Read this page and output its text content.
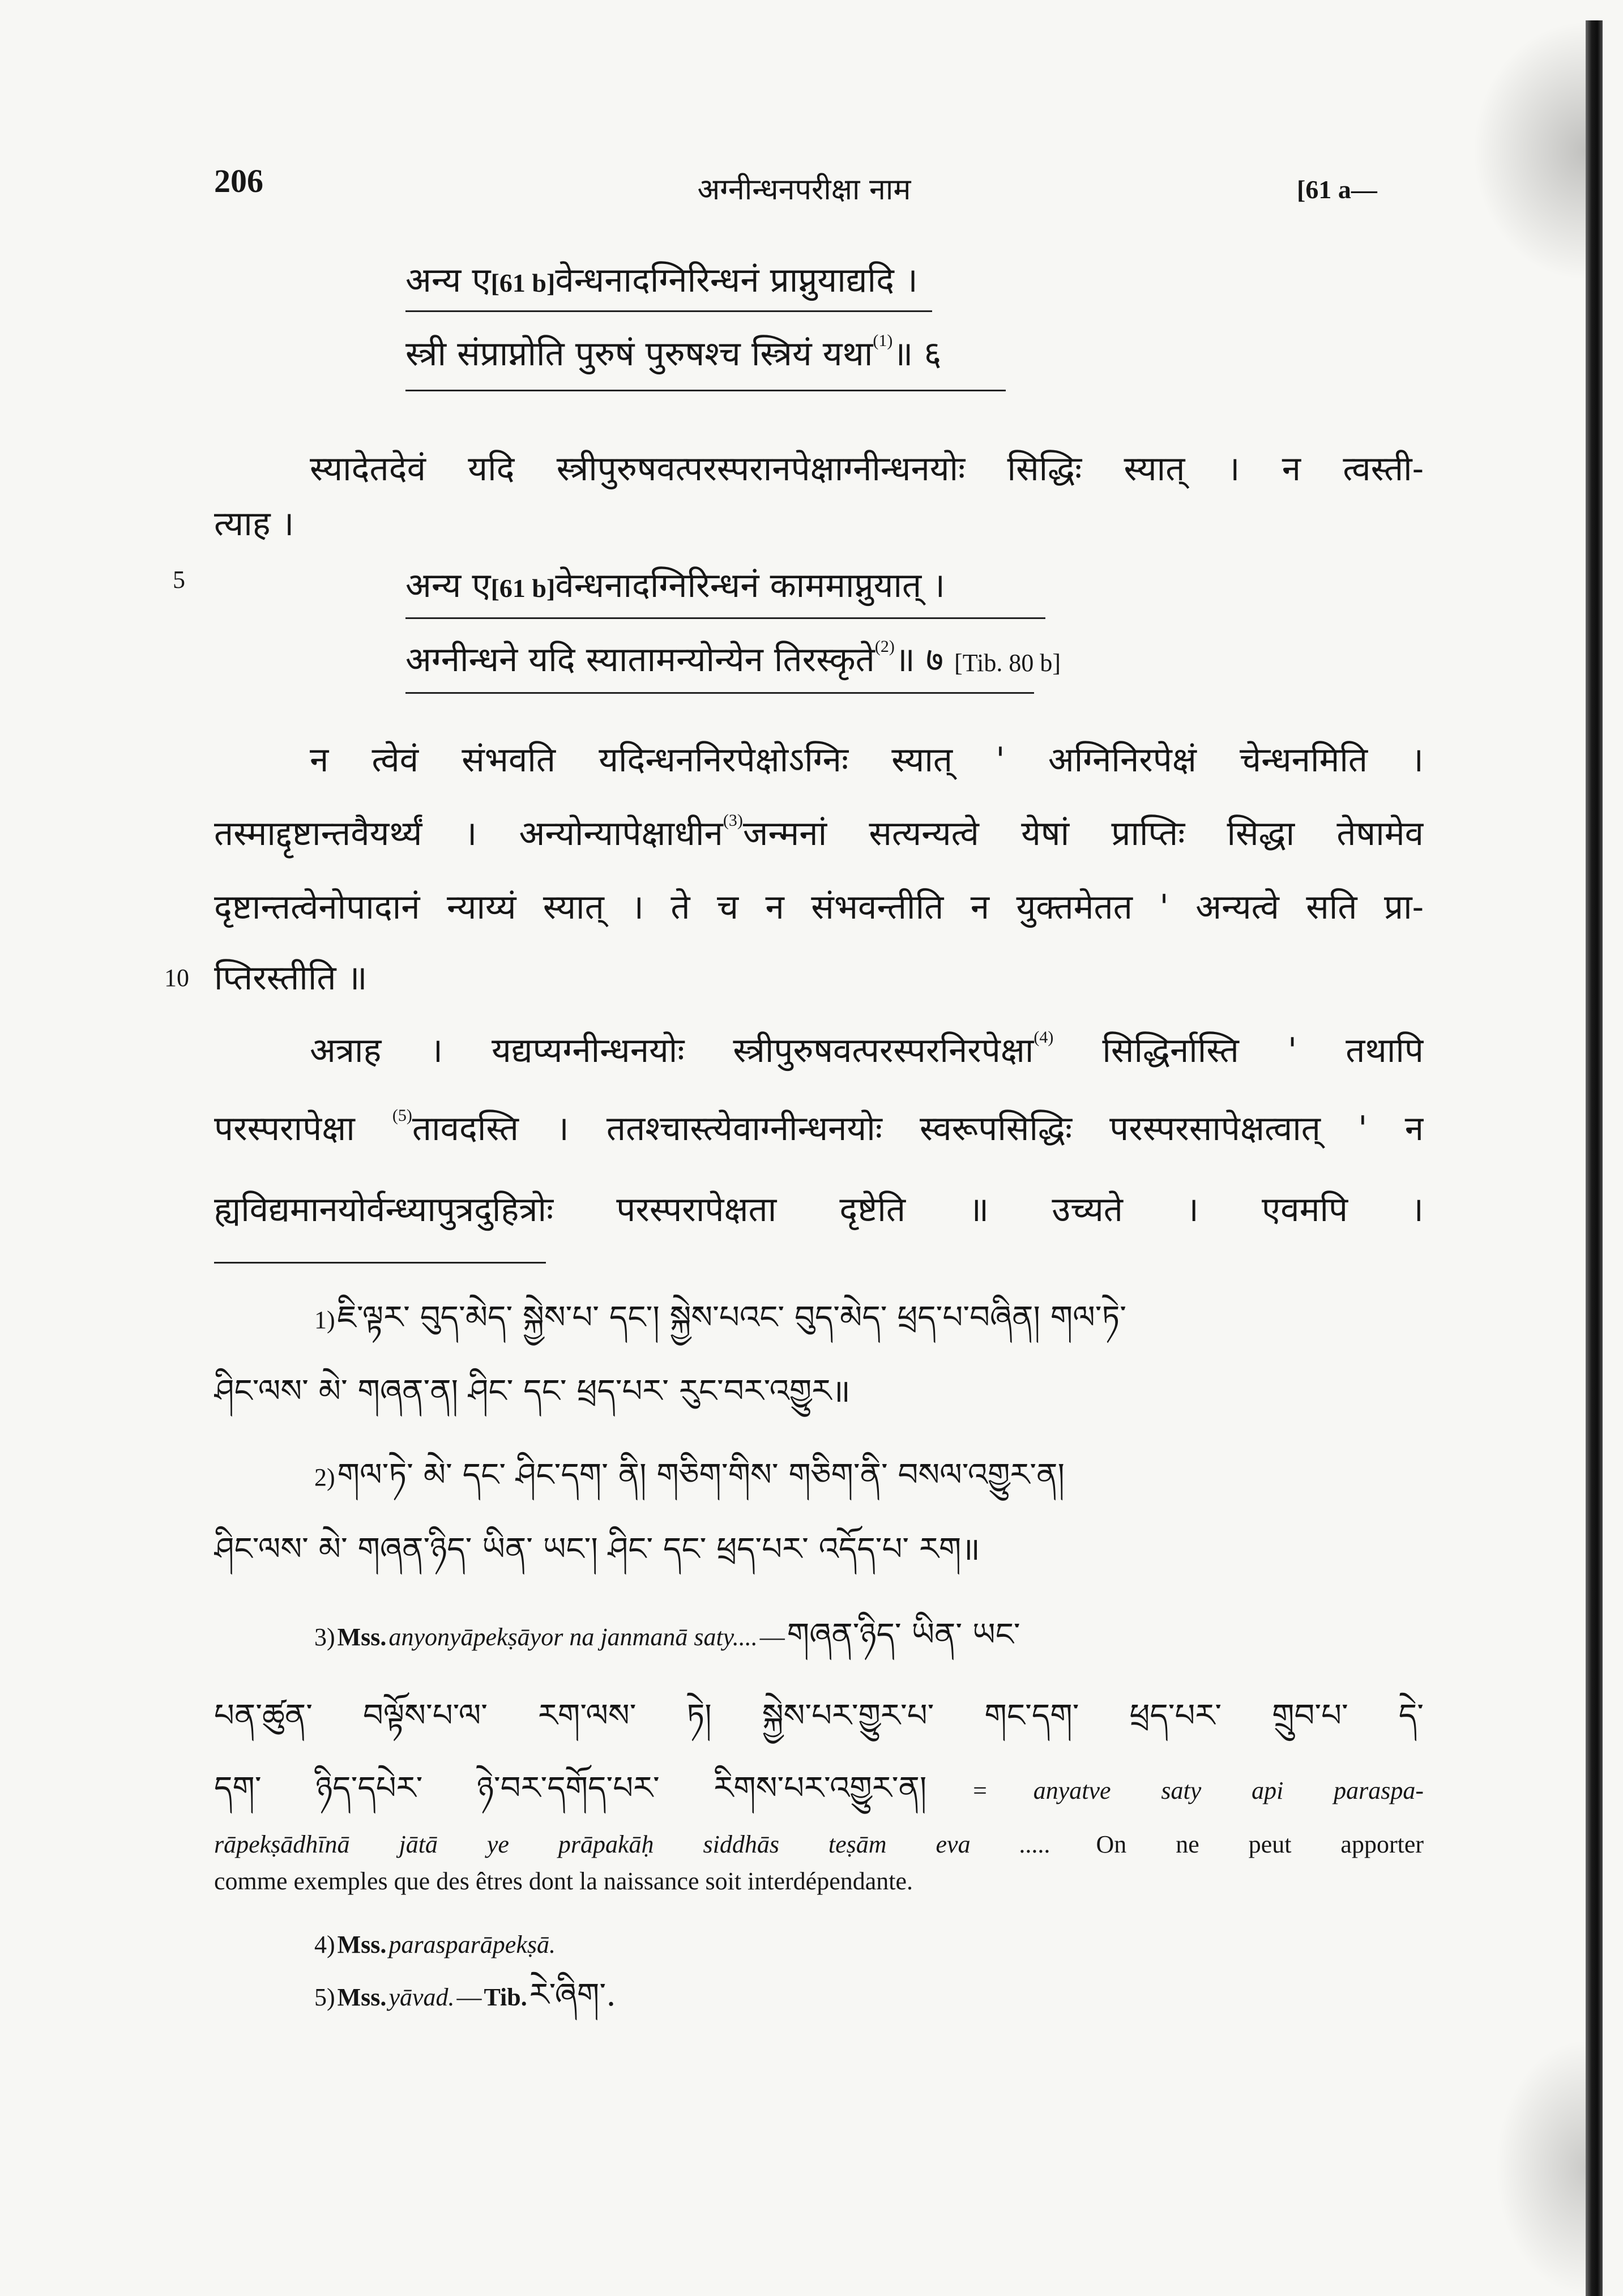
206	अग्नीन्धनपरीक्षा नाम	[61 a—
अन्य ए[61 b]वेन्धनादग्निरिन्धनं प्राप्नुयाद्यदि ।
स्त्री संप्राप्नोति पुरुषं पुरुषश्च स्त्रियं यथा$^{(1)}$॥ ६
स्यादेतदेवं यदि स्त्रीपुरुषवत्परस्परानपेक्षाग्नीन्धनयोः सिद्धिः स्यात् । न त्वस्ती-
त्याह ।
5	अन्य ए[61 b]वेन्धनादग्निरिन्धनं काममाप्नुयात् ।
अग्नीन्धने यदि स्यातामन्योन्येन तिरस्कृते$^{(2)}$॥ ७ [Tib. 80 b]
न त्वेवं संभवति यदिन्धननिरपेक्षोऽग्निः स्यात् ' अग्निनिरपेक्षं चेन्धनमिति ।
तस्माद्दृष्टान्तवैयर्थ्यं । अन्योन्यापेक्षाधीन$^{(3)}$जन्मनां सत्यन्यत्वे येषां प्राप्तिः सिद्धा तेषामेव
दृष्टान्तत्वेनोपादानं न्याय्यं स्यात् । ते च न संभवन्तीति न युक्तमेतत ' अन्यत्वे सति प्रा-
10 प्तिरस्तीति ॥
अत्राह । यद्यप्यग्नीन्धनयोः स्त्रीपुरुषवत्परस्परनिरपेक्षा$^{(4)}$ सिद्धिर्नास्ति ' तथापि
परस्परापेक्षा $^{(5)}$तावदस्ति । ततश्चास्त्येवाग्नीन्धनयोः स्वरूपसिद्धिः परस्परसापेक्षत्वात् ' न
ह्यविद्यमानयोर्वन्ध्यापुत्रदुहित्रोः परस्परापेक्षता दृष्टेति ॥ उच्यते । एवमपि ।
1) ཇི་ལྟར་ བུད་མེད་ སྐྱེས་པ་ དང་། སྐྱེས་པའང་ བུད་མེད་ ཕྲད་པ་བཞིན། གལ་ཏེ་
ཤིང་ལས་ མེ་ གཞན་ན། ཤིང་ དང་ ཕྲད་པར་ རུང་བར་འགྱུར॥
2) གལ་ཏེ་ མེ་ དང་ ཤིང་དག་ ནི། གཅིག་གིས་ གཅིག་ནི་ བསལ་འགྱུར་ན།
ཤིང་ལས་ མེ་ གཞན་ཉིད་ ཡིན་ ཡང་། ཤིང་ དང་ ཕྲད་པར་ འདོད་པ་ རག॥
3) Mss. anyonyāpekṣāyor na janmanā saty.... — གཞན་ཉིད་ ཡིན་ ཡང་
པན་ཚུན་ བལྟོས་པ་ལ་ རག་ལས་ ཏེ། སྐྱེས་པར་གྱུར་པ་ གང་དག་ ཕྲད་པར་ གྲུབ་པ་ དེ་
དག་ ཉིད་དཔེར་ ཉེ་བར་དགོད་པར་ རིགས་པར་འགྱུར་ན། = anyatve saty api paraspa-
rāpekṣādhīnā jātā ye prāpakāḥ siddhās teṣām eva ..... On ne peut apporter
comme exemples que des êtres dont la naissance soit interdépendante.
4) Mss. parasparāpekṣā.
5) Mss. yāvad. — Tib. རེ་ཞིག་.
